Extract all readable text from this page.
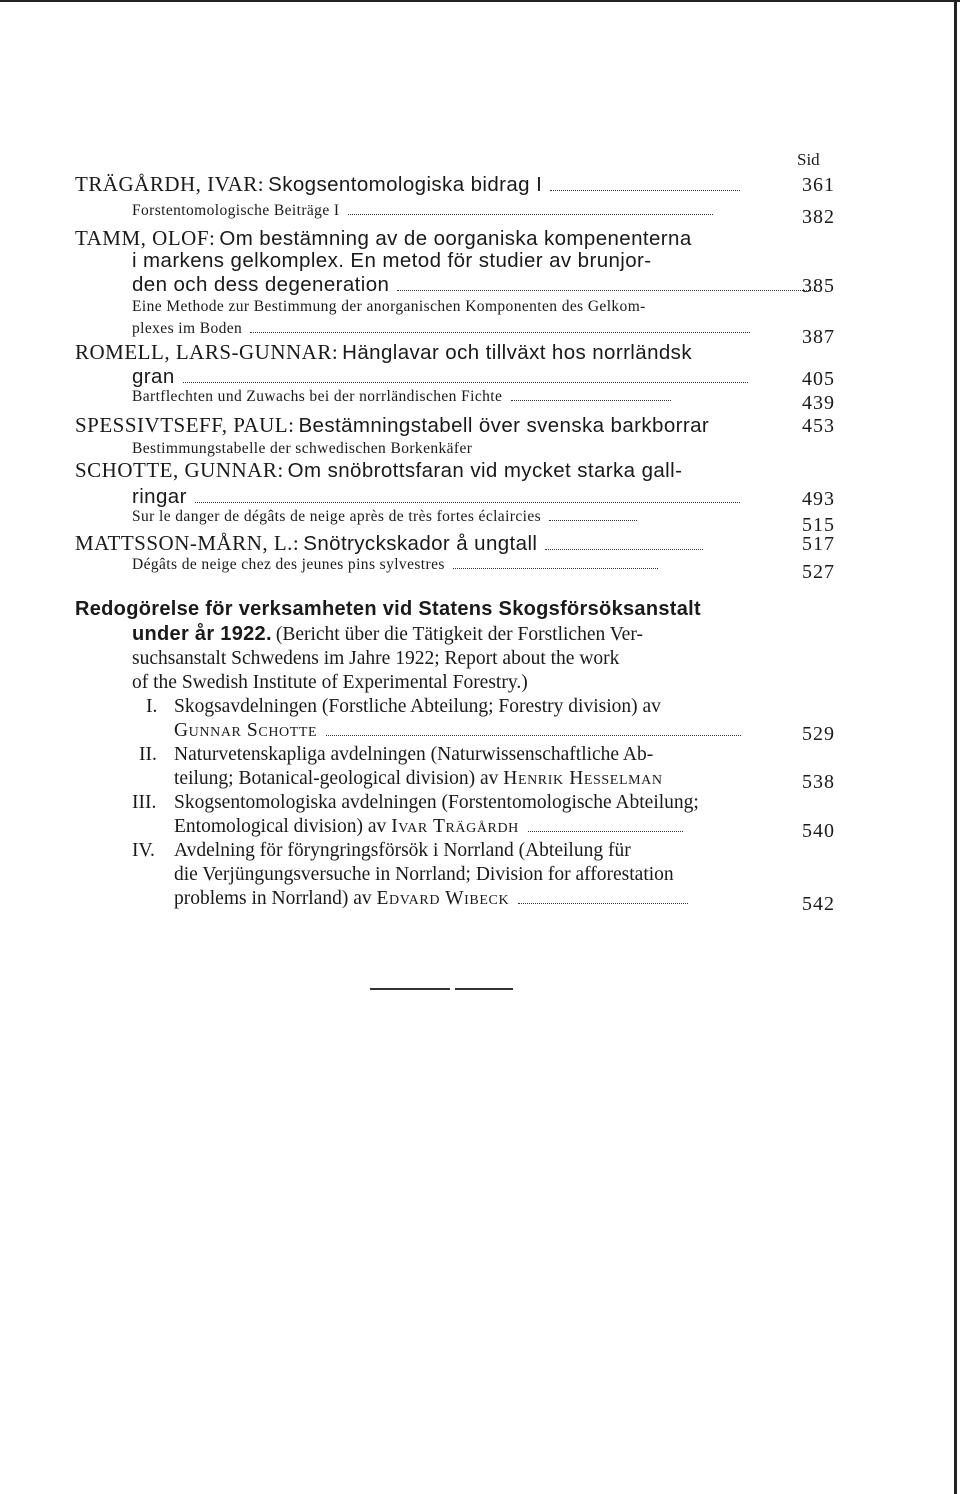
Sid
TRÄGÅRDH, IVAR: Skogsentomologiska bidrag I	361
Forstentomologische Beiträge I	382
TAMM, OLOF: Om bestämning av de oorganiska kompenenterna
i markens gelkomplex. En metod för studier av brunjor-
den och dess degeneration	385
Eine Methode zur Bestimmung der anorganischen Komponenten des Gelkom-
plexes im Boden	387
ROMELL, LARS-GUNNAR: Hänglavar och tillväxt hos norrländsk
gran	405
Bartflechten und Zuwachs bei der norrländischen Fichte	439
SPESSIVTSEFF, PAUL: Bestämningstabell över svenska barkborrar	453
Bestimmungstabelle der schwedischen Borkenkäfer
SCHOTTE, GUNNAR: Om snöbrottsfaran vid mycket starka gall-
ringar	493
Sur le danger de dégâts de neige après de très fortes éclaircies	515
MATTSSON-MÅRN, L.: Snötryckskador å ungtall	517
Dégâts de neige chez des jeunes pins sylvestres	527
Redogörelse för verksamheten vid Statens Skogsförsöksanstalt
under år 1922. (Bericht über die Tätigkeit der Forstlichen Ver-
suchsanstalt Schwedens im Jahre 1922; Report about the work
of the Swedish Institute of Experimental Forestry.)
I. Skogsavdelningen (Forstliche Abteilung; Forestry division) av
Gunnar Schotte	529
II. Naturvetenskapliga avdelningen (Naturwissenschaftliche Ab-
teilung; Botanical-geological division) av Henrik Hesselman	538
III. Skogsentomologiska avdelningen (Forstentomologische Abteilung;
Entomological division) av Ivar Trägårdh	540
IV. Avdelning för föryngringsförsök i Norrland (Abteilung für
die Verjüngungsversuche in Norrland; Division for afforestation
problems in Norrland) av Edvard Wibeck	542
